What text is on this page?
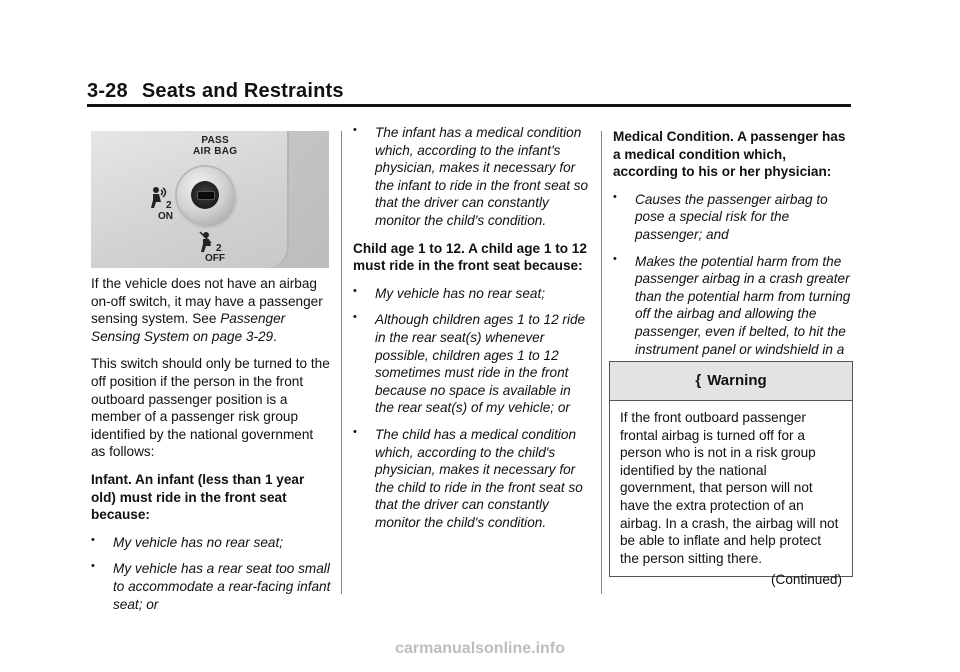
3-28 Seats and Restraints
PASS
AIR BAG
2
ON
2
OFF

If the vehicle does not have an airbag on-off switch, it may have a passenger sensing system. See Passenger Sensing System on page 3-29.

This switch should only be turned to the off position if the person in the front outboard passenger position is a member of a passenger risk group identified by the national government as follows:

Infant. An infant (less than 1 year old) must ride in the front seat because:

• My vehicle has no rear seat;
• My vehicle has a rear seat too small to accommodate a rear-facing infant seat; or
• The infant has a medical condition which, according to the infant's physician, makes it necessary for the infant to ride in the front seat so that the driver can constantly monitor the child's condition.

Child age 1 to 12. A child age 1 to 12 must ride in the front seat because:

• My vehicle has no rear seat;
• Although children ages 1 to 12 ride in the rear seat(s) whenever possible, children ages 1 to 12 sometimes must ride in the front because no space is available in the rear seat(s) of my vehicle; or
• The child has a medical condition which, according to the child's physician, makes it necessary for the child to ride in the front seat so that the driver can constantly monitor the child's condition.

Medical Condition. A passenger has a medical condition which, according to his or her physician:

• Causes the passenger airbag to pose a special risk for the passenger; and
• Makes the potential harm from the passenger airbag in a crash greater than the potential harm from turning off the airbag and allowing the passenger, even if belted, to hit the instrument panel or windshield in a
{ Warning

If the front outboard passenger frontal airbag is turned off for a person who is not in a risk group identified by the national government, that person will not have the extra protection of an airbag. In a crash, the airbag will not be able to inflate and help protect the person sitting there.

(Continued)
carmanualsonline.info
